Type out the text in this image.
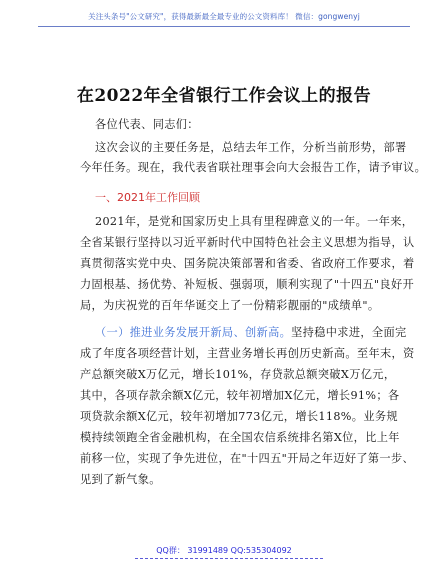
关注头条号"公文研究"，获得最新最全最专业的公文资料库！ 微信：gongwenyj
在2022年全省银行工作会议上的报告
各位代表、同志们：
这次会议的主要任务是，总结去年工作，分析当前形势，部署
今年任务。现在，我代表省联社理事会向大会报告工作，请予审议。
一、2021年工作回顾
2021年，是党和国家历史上具有里程碑意义的一年。一年来，
全省某银行坚持以习近平新时代中国特色社会主义思想为指导，认
真贯彻落实党中央、国务院决策部署和省委、省政府工作要求，着
力固根基、扬优势、补短板、强弱项，顺利实现了"十四五"良好开
局，为庆祝党的百年华诞交上了一份精彩靓丽的"成绩单"。
（一）推进业务发展开新局、创新高。坚持稳中求进，全面完
成了年度各项经营计划，主营业务增长再创历史新高。至年末，资
产总额突破X万亿元，增长101%，存贷款总额突破X万亿元，
其中，各项存款余额X亿元，较年初增加X亿元，增长91%；各
项贷款余额X亿元，较年初增加773亿元，增长118%。业务规
模持续领跑全省金融机构，在全国农信系统排名第X位，比上年
前移一位，实现了争先进位，在"十四五"开局之年迈好了第一步、
见到了新气象。
QQ群： 31991489 QQ:535304092
